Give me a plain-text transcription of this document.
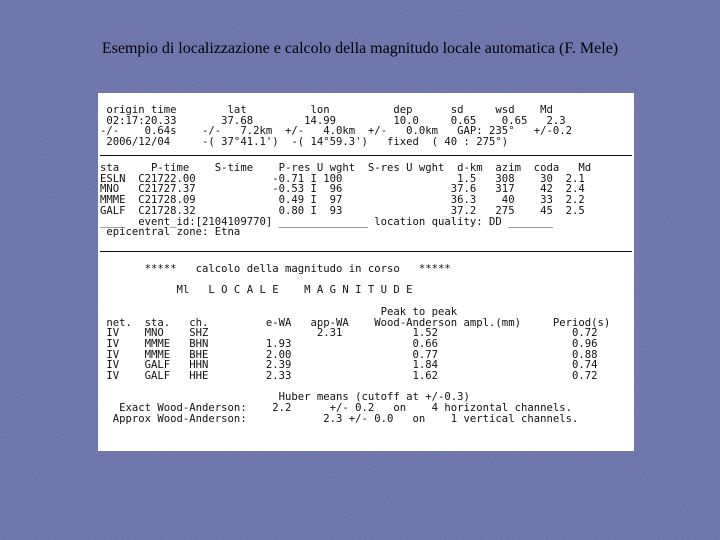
Esempio di localizzazione e calcolo della magnitudo locale automatica (F. Mele)
origin time        lat          lon          dep      sd     wsd    Md
02:17:20.33       37.68        14.99         10.0     0.65    0.65   2.3
-/-    0.64s    -/-   7.2km  +/-   4.0km  +/-   0.0km   GAP: 235°   +/-0.2
2006/12/04     -( 37°41.1')  -( 14°59.3')   fixed  ( 40 : 275°)
sta     P-time    S-time    P-res U wght  S-res U wght  d-km  azim  coda   Md
ESLN  C21722.00            -0.71 I 100                  1.5   308    30  2.1
MNO   C21727.37            -0.53 I  96                 37.6   317    42  2.4
MMME  C21728.09             0.49 I  97                 36.3    40    33  2.2
GALF  C21728.32             0.80 I  93                 37.2   275    45  2.5
____  event_id:[2104109770] ______________ location quality: DD _______
epicentral zone: Etna
*****   calcolo della magnitudo in corso   *****

Ml   L O C A L E    M A G N I T U D E

Peak to peak
net.  sta.   ch.         e-WA   app-WA    Wood-Anderson ampl.(mm)     Period(s)
IV    MNO    SHZ                 2.31           1.52                     0.72
IV    MMME   BHN         1.93                   0.66                     0.96
IV    MMME   BHE         2.00                   0.77                     0.88
IV    GALF   HHN         2.39                   1.84                     0.74
IV    GALF   HHE         2.33                   1.62                     0.72

Huber means (cutoff at +/-0.3)
Exact Wood-Anderson:    2.2      +/- 0.2   on    4 horizontal channels.
Approx Wood-Anderson:            2.3 +/- 0.0   on    1 vertical channels.
